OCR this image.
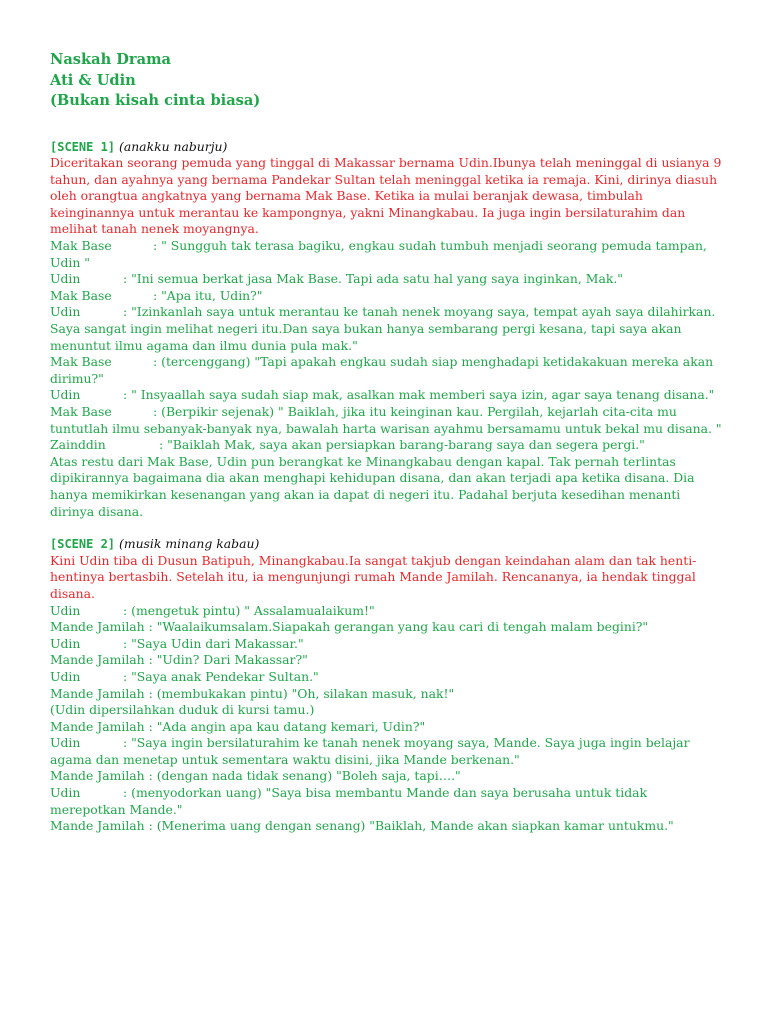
Naskah Drama
Ati & Udin
(Bukan kisah cinta biasa)
[SCENE 1] (anakku naburju)
Diceritakan seorang pemuda yang tinggal di Makassar bernama Udin.Ibunya telah meninggal di usianya 9 tahun, dan ayahnya yang bernama Pandekar Sultan telah meninggal ketika ia remaja. Kini, dirinya diasuh oleh orangtua angkatnya yang bernama Mak Base. Ketika ia mulai beranjak dewasa, timbulah keinginannya untuk merantau ke kampongnya, yakni Minangkabau. Ia juga ingin bersilaturahim dan melihat tanah nenek moyangnya.
Mak Base	: " Sungguh tak terasa bagiku, engkau sudah tumbuh menjadi seorang pemuda tampan, Udin "
Udin	: "Ini semua berkat jasa Mak Base. Tapi ada satu hal yang saya inginkan, Mak."
Mak Base	: "Apa itu, Udin?"
Udin	: "Izinkanlah saya untuk merantau ke tanah nenek moyang saya, tempat ayah saya dilahirkan. Saya sangat ingin melihat negeri itu.Dan saya bukan hanya sembarang pergi kesana, tapi saya akan menuntut ilmu agama dan ilmu dunia pula mak."
Mak Base	: (tercenggang) "Tapi apakah engkau sudah siap menghadapi ketidakakuan mereka akan dirimu?"
Udin	: " Insyaallah saya sudah siap mak, asalkan mak memberi saya izin, agar saya tenang disana."
Mak Base	: (Berpikir sejenak) " Baiklah, jika itu keinginan kau. Pergilah, kejarlah cita-cita mu tuntutlah ilmu sebanyak-banyak nya, bawalah harta warisan ayahmu bersamamu untuk bekal mu disana. "
Zainddin	: "Baiklah Mak, saya akan persiapkan barang-barang saya dan segera pergi."
Atas restu dari Mak Base, Udin pun berangkat ke Minangkabau dengan kapal. Tak pernah terlintas dipikirannya bagaimana dia akan menghapi kehidupan disana, dan akan terjadi apa ketika disana. Dia hanya memikirkan kesenangan yang akan ia dapat di negeri itu. Padahal berjuta kesedihan menanti dirinya disana.
[SCENE 2] (musik minang kabau)
Kini Udin tiba di Dusun Batipuh, Minangkabau.Ia sangat takjub dengan keindahan alam dan tak henti-hentinya bertasbih. Setelah itu, ia mengunjungi rumah Mande Jamilah. Rencananya, ia hendak tinggal disana.
Udin	: (mengetuk pintu) " Assalamualaikum!"
Mande Jamilah : "Waalaikumsalam.Siapakah gerangan yang kau cari di tengah malam begini?"
Udin	: "Saya Udin dari Makassar."
Mande Jamilah : "Udin? Dari Makassar?"
Udin	: "Saya anak Pendekar Sultan."
Mande Jamilah : (membukakan pintu) "Oh, silakan masuk, nak!"
(Udin dipersilahkan duduk di kursi tamu.)
Mande Jamilah : "Ada angin apa kau datang kemari, Udin?"
Udin	: "Saya ingin bersilaturahim ke tanah nenek moyang saya, Mande. Saya juga ingin belajar agama dan menetap untuk sementara waktu disini, jika Mande berkenan."
Mande Jamilah : (dengan nada tidak senang) "Boleh saja, tapi…."
Udin	: (menyodorkan uang) "Saya bisa membantu Mande dan saya berusaha untuk tidak merepotkan Mande."
Mande Jamilah : (Menerima uang dengan senang) "Baiklah, Mande akan siapkan kamar untukmu."
